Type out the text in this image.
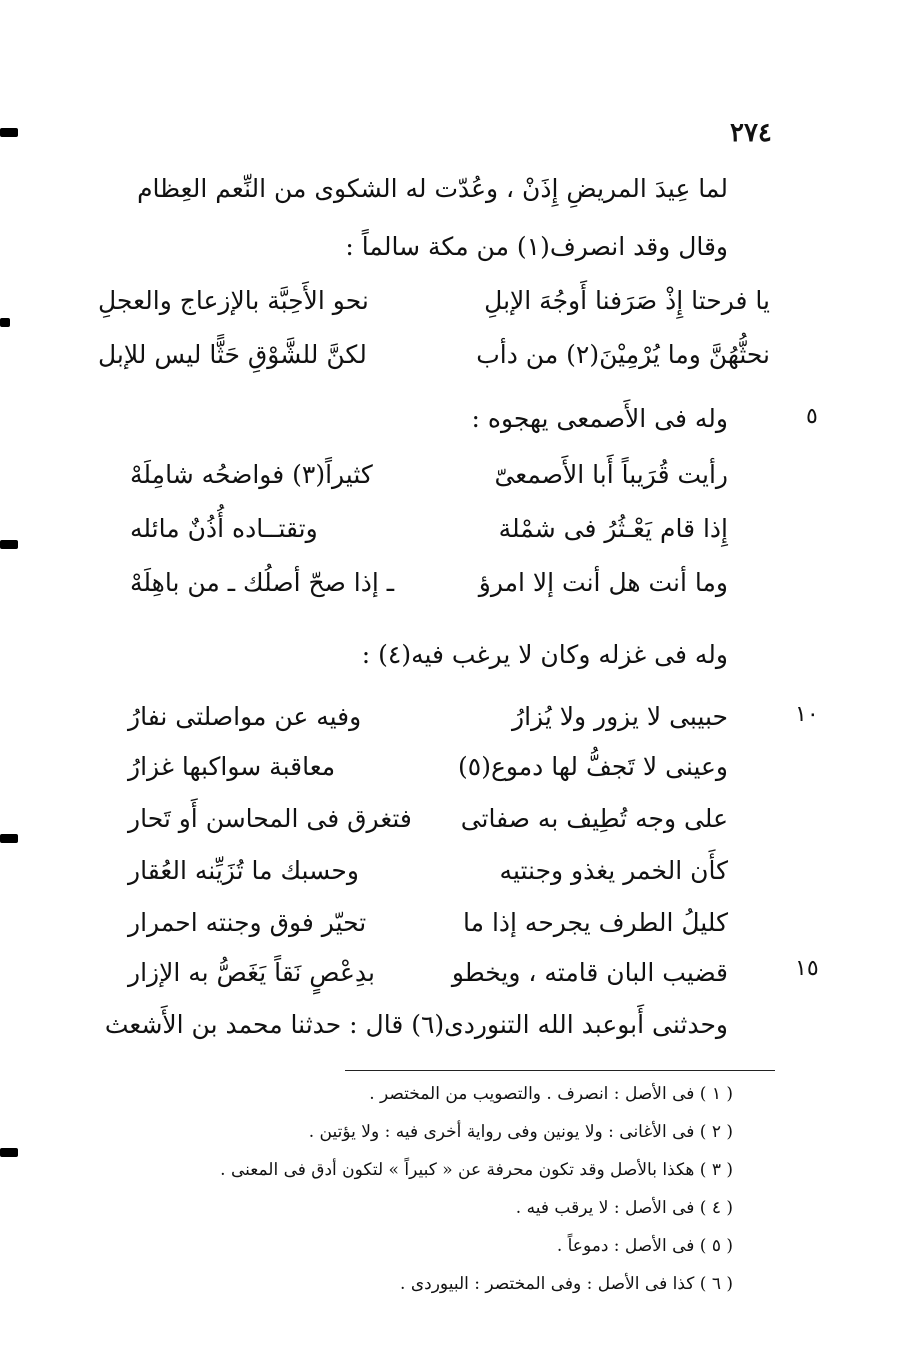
٢٧٤
لما عِيدَ المريضِ إِذَنْ ، وعُدّت له الشكوى من النِّعم العِظام
وقال وقد انصرف(١) من مكة سالماً :
يا فرحتا إِذْ صَرَفنا أَوجُهَ الإبلِ
نحو الأَحِبَّة بالإزعاج والعجلِ
نحثُّهُنَّ وما يُرْمِيْنَ(٢) من دأب
لكنَّ للشَّوْقِ حَثًّا ليس للإبل
٥
وله فى الأَصمعى يهجوه :
رأيت قُرَيباً أَبا الأَصمعىّ
كثيراً(٣) فواضحُه شامِلَهْ
إِذا قام يَعْـثُرُ فى شمْلة
وتقتــاده أُذُنٌ مائله
وما أنت هل أنت إلا امرؤ
ـ إذا صحّ أصلُك ـ من باهِلَهْ
وله فى غزله وكان لا يرغب فيه(٤) :
١٠
حبيبى لا يزور ولا يُزارُ
وفيه عن مواصلتى نفارُ
وعينى لا تَجفُّ لها دموع(٥)
معاقبة سواكبها غزارُ
على وجه تُطِيف به صفاتى
فتغرق فى المحاسن أَو تَحار
كأَن الخمر يغذو وجنتيه
وحسبك ما تُزَيِّنه العُقار
كليلُ الطرف يجرحه إذا ما
تحيّر فوق وجنته احمرار
١٥
قضيب البان قامته ، ويخطو
بدِعْصٍ نَقاً يَغَصُّ به الإزار
وحدثنى أَبوعبد الله التنوردى(٦) قال : حدثنا محمد بن الأَشعث
( ١ ) فى الأصل : انصرف . والتصويب من المختصر .
( ٢ ) فى الأغانى : ولا يونين وفى رواية أخرى فيه : ولا يؤتين .
( ٣ ) هكذا بالأصل وقد تكون محرفة عن « كبيراً » لتكون أدق فى المعنى .
( ٤ ) فى الأصل : لا يرقب فيه .
( ٥ ) فى الأصل : دموعاً .
( ٦ ) كذا فى الأصل : وفى المختصر : البيوردى .
